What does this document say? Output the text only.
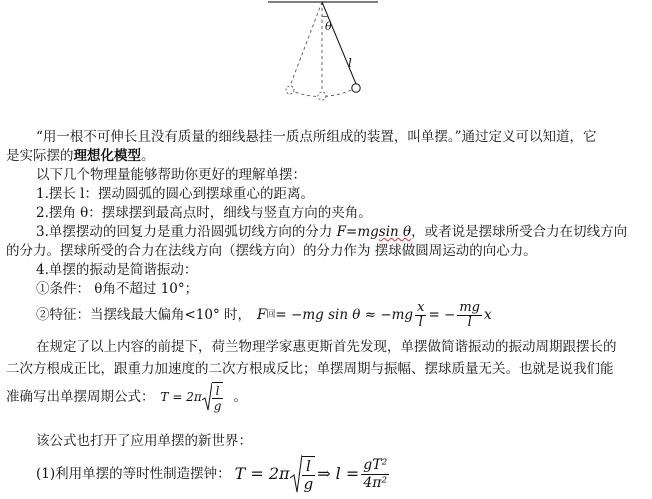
θ
l
“用一根不可伸长且没有质量的细线悬挂一质点所组成的装置，叫单摆。”通过定义可以知道，它
是实际摆的理想化模型。
以下几个物理量能够帮助你更好的理解单摆：
1.摆长 l：摆动圆弧的圆心到摆球重心的距离。
2.摆角 θ：摆球摆到最高点时，细线与竖直方向的夹角。
3.单摆摆动的回复力是重力沿圆弧切线方向的分力 F=mgsin θ，或者说是摆球所受合力在切线方向
的分力。摆球所受的合力在法线方向（摆线方向）的分力作为 摆球做圆周运动的向心力。
4.单摆的振动是简谐振动：
①条件： θ角不超过 10°；
②特征：当摆线最大偏角<10° 时， F 回 = −mg $\sin \theta \approx -mg \frac{x}{l}$ = − $\frac{mg}{l}$ x
在规定了以上内容的前提下，荷兰物理学家惠更斯首先发现，单摆做简谐振动的振动周期跟摆长的
二次方根成正比，跟重力加速度的二次方根成反比；单摆周期与振幅、摆球质量无关。也就是说我们能
准确写出单摆周期公式： $T = 2\pi \frac{l}{g}$ 。
该公式也打开了应用单摆的新世界：
(1)利用单摆的等时性制造摆钟： $T = 2\pi \frac{l}{g}$ ⇒ $l = \frac{\text{gT²}}{\text{4π²}}$
